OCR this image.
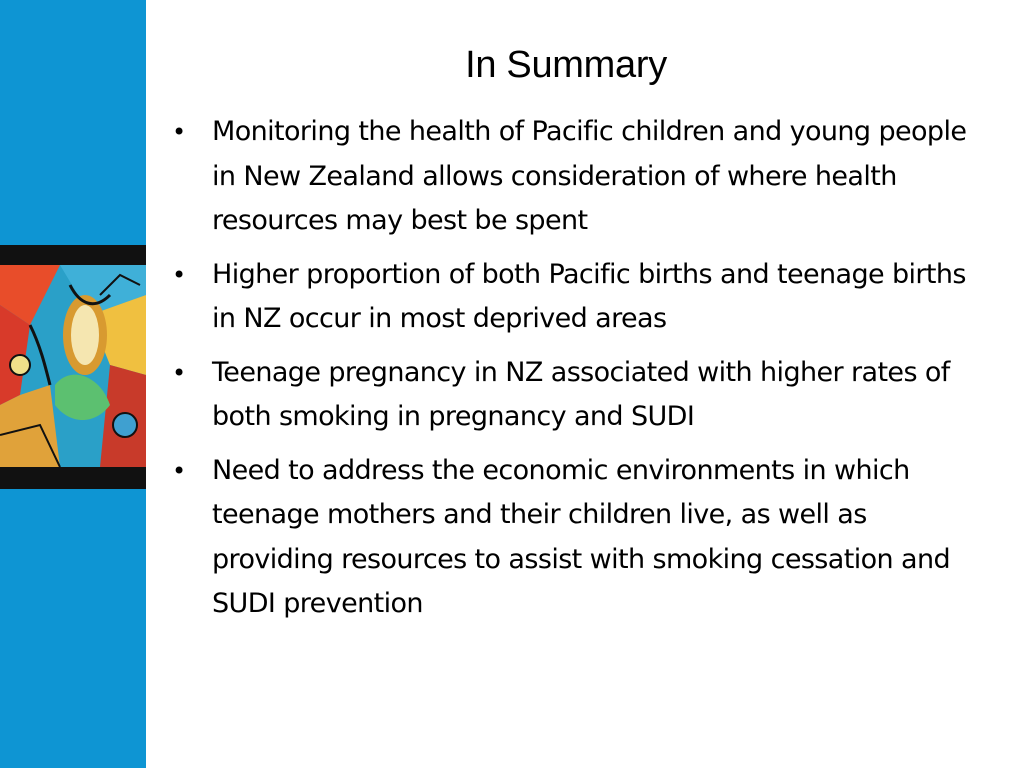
In Summary
• Monitoring the health of Pacific children and young people in New Zealand allows consideration of where health resources may best be spent
• Higher proportion of both Pacific births and teenage births in NZ occur in most deprived areas
• Teenage pregnancy in NZ associated with higher rates of both smoking in pregnancy and SUDI
• Need to address the economic environments in which teenage mothers and their children live, as well as providing resources to assist with smoking cessation and SUDI prevention
